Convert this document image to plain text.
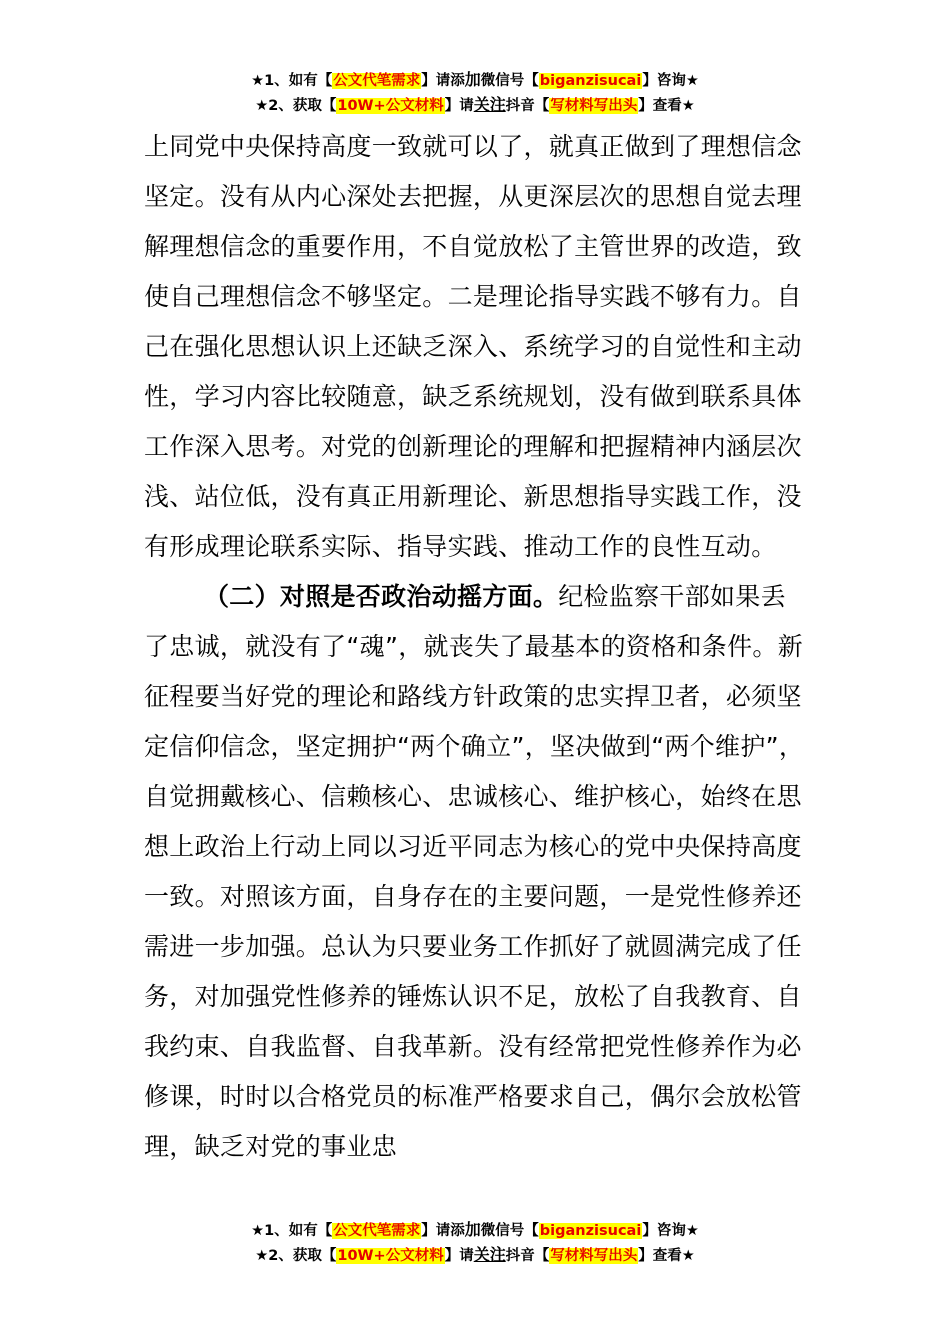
★1、如有【公文代笔需求】请添加微信号【biganzisucai】咨询★
★2、获取【10W+公文材料】请关注抖音【写材料写出头】查看★

上同党中央保持高度一致就可以了，就真正做到了理想信念坚定。没有从内心深处去把握，从更深层次的思想自觉去理解理想信念的重要作用，不自觉放松了主管世界的改造，致使自己理想信念不够坚定。二是理论指导实践不够有力。自己在强化思想认识上还缺乏深入、系统学习的自觉性和主动性，学习内容比较随意，缺乏系统规划，没有做到联系具体工作深入思考。对党的创新理论的理解和把握精神内涵层次浅、站位低，没有真正用新理论、新思想指导实践工作，没有形成理论联系实际、指导实践、推动工作的良性互动。

（二）对照是否政治动摇方面。纪检监察干部如果丢了忠诚，就没有了“魂”，就丧失了最基本的资格和条件。新征程要当好党的理论和路线方针政策的忠实捍卫者，必须坚定信仰信念，坚定拥护“两个确立”，坚决做到“两个维护”，自觉拥戴核心、信赖核心、忠诚核心、维护核心，始终在思想上政治上行动上同以习近平同志为核心的党中央保持高度一致。对照该方面，自身存在的主要问题，一是党性修养还需进一步加强。总认为只要业务工作抓好了就圆满完成了任务，对加强党性修养的锤炼认识不足，放松了自我教育、自我约束、自我监督、自我革新。没有经常把党性修养作为必修课，时时以合格党员的标准严格要求自己，偶尔会放松管理，缺乏对党的事业忠

★1、如有【公文代笔需求】请添加微信号【biganzisucai】咨询★
★2、获取【10W+公文材料】请关注抖音【写材料写出头】查看★
